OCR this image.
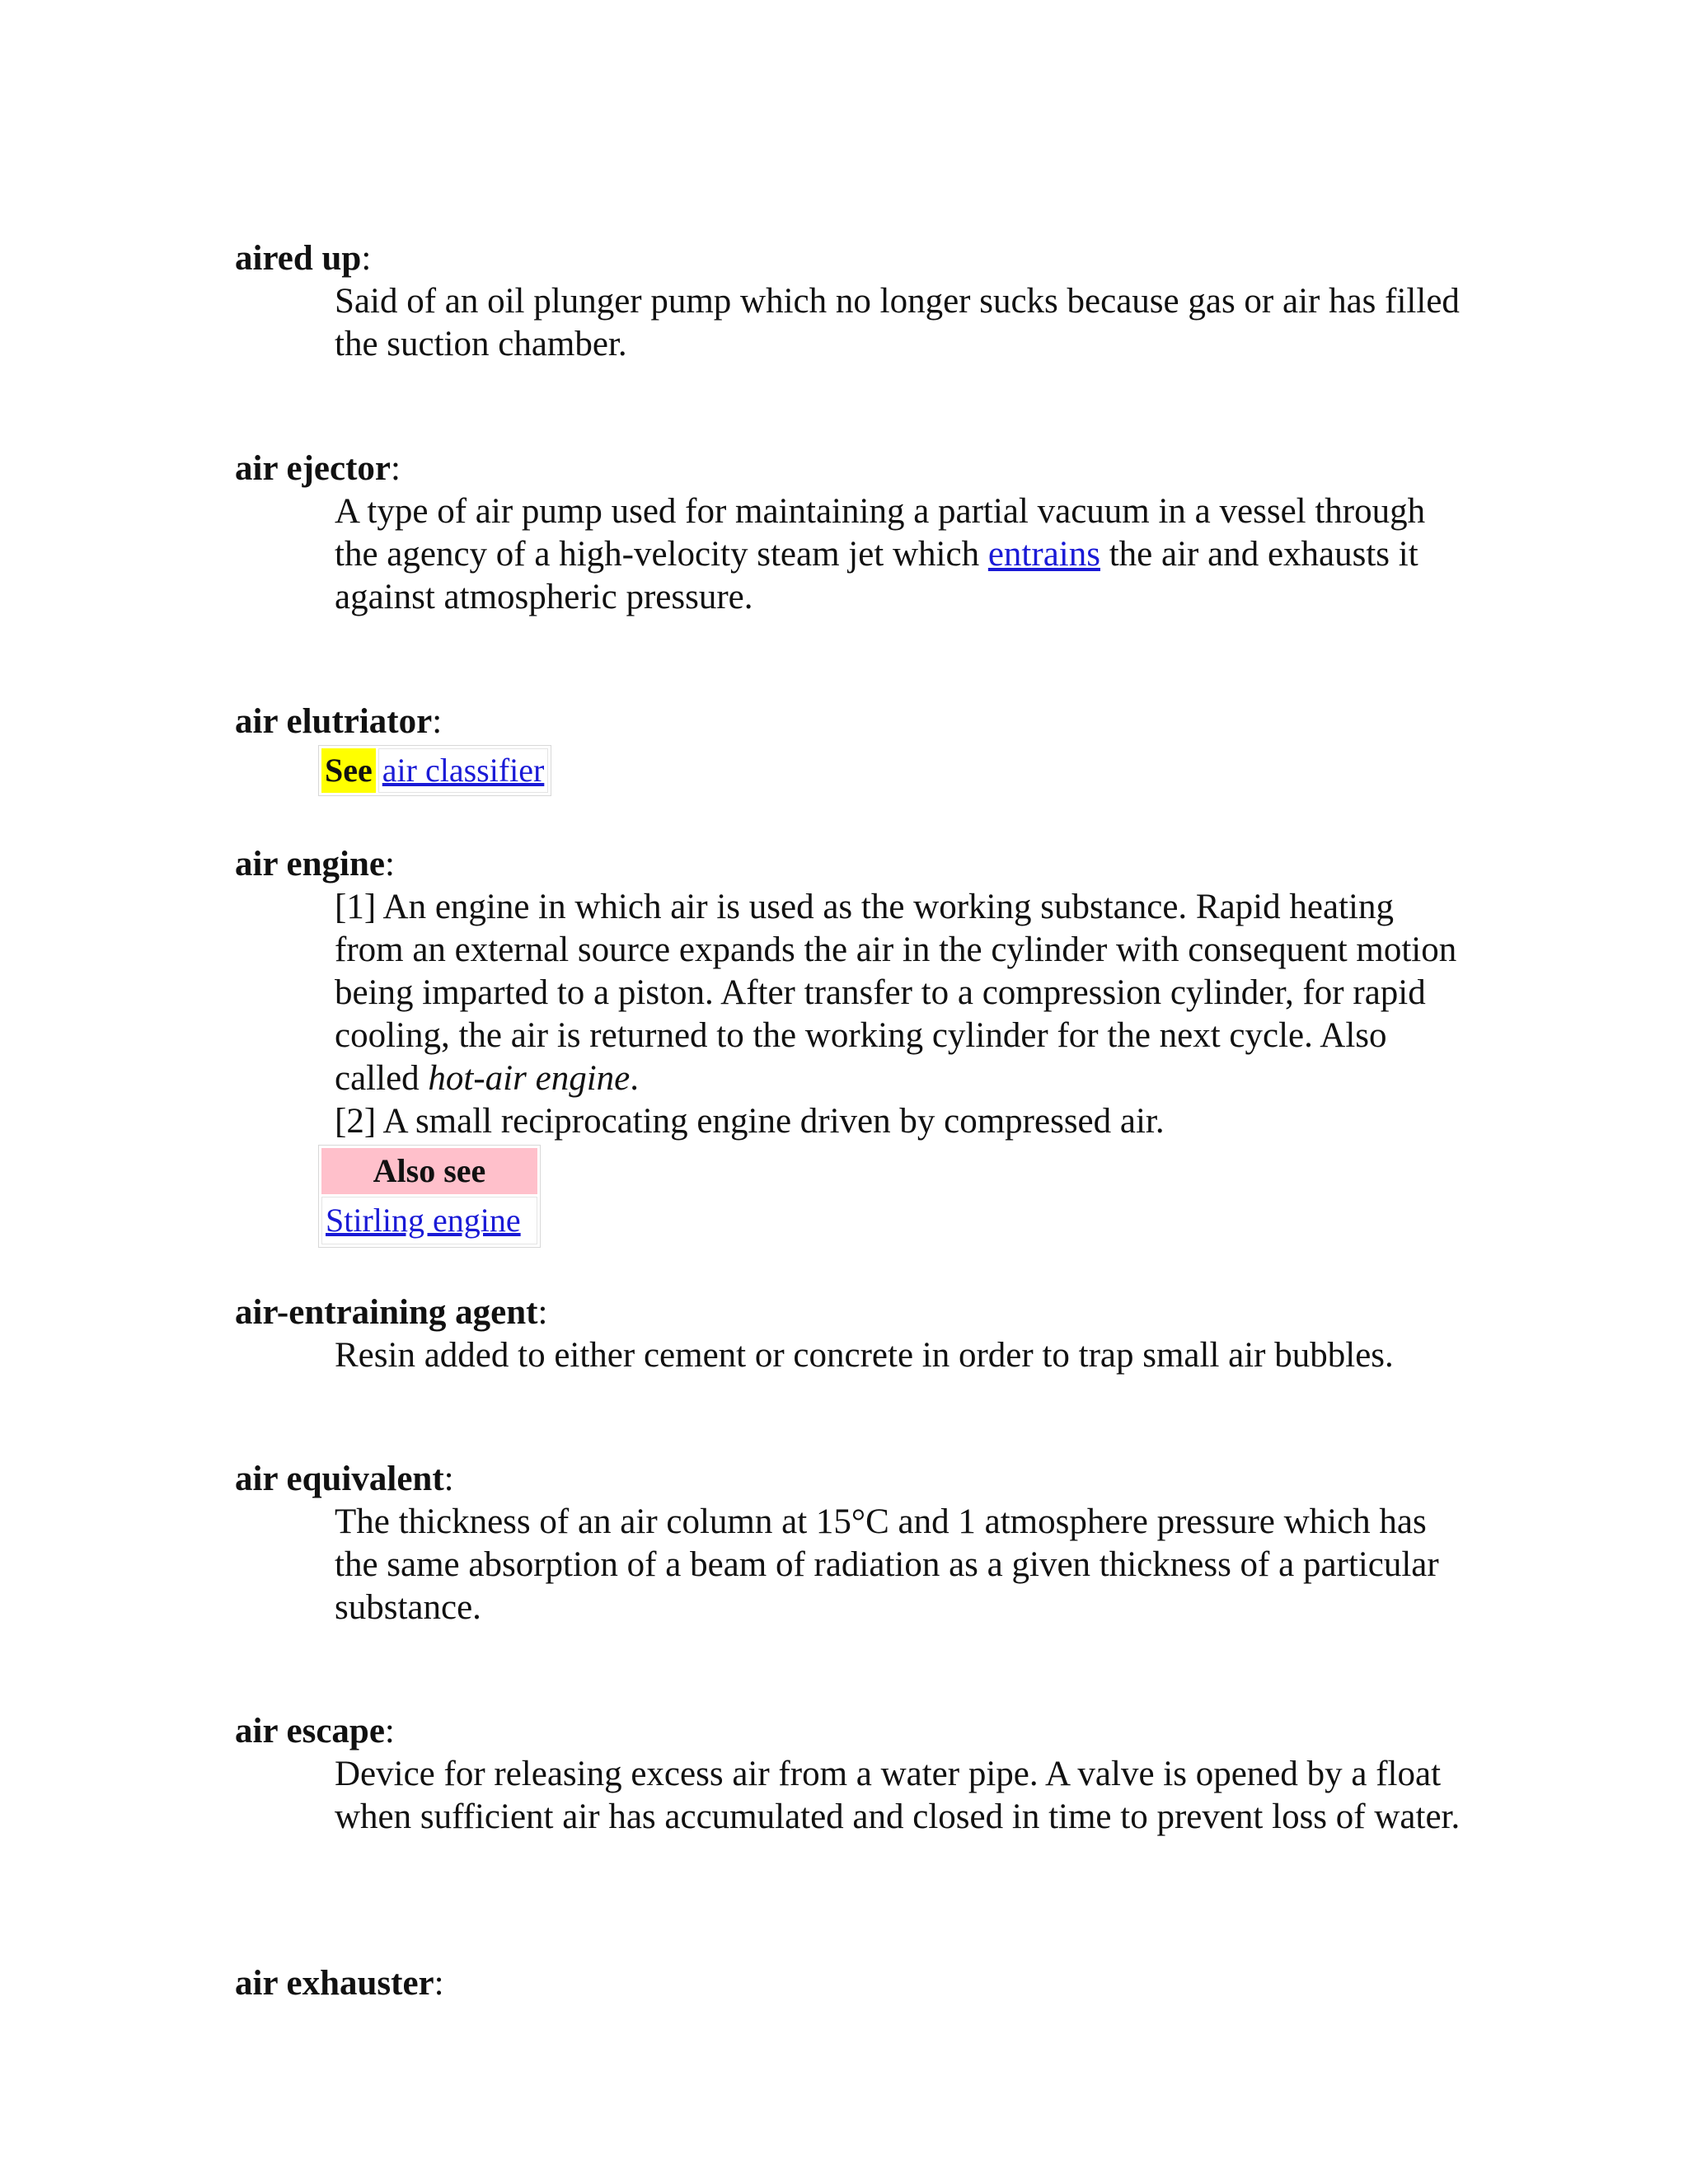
aired up:

Said of an oil plunger pump which no longer sucks because gas or air has filled the suction chamber.

air ejector:

A type of air pump used for maintaining a partial vacuum in a vessel through the agency of a high-velocity steam jet which entrains the air and exhausts it against atmospheric pressure.

air elutriator:
See	air classifier
air engine:

[1] An engine in which air is used as the working substance. Rapid heating from an external source expands the air in the cylinder with consequent motion being imparted to a piston. After transfer to a compression cylinder, for rapid cooling, the air is returned to the working cylinder for the next cycle. Also called hot-air engine.

[2] A small reciprocating engine driven by compressed air.

Also see
Stirling engine
air-entraining agent:

Resin added to either cement or concrete in order to trap small air bubbles.

air equivalent:

The thickness of an air column at 15°C and 1 atmosphere pressure which has the same absorption of a beam of radiation as a given thickness of a particular substance.

air escape:

Device for releasing excess air from a water pipe. A valve is opened by a float when sufficient air has accumulated and closed in time to prevent loss of water.

air exhauster:
